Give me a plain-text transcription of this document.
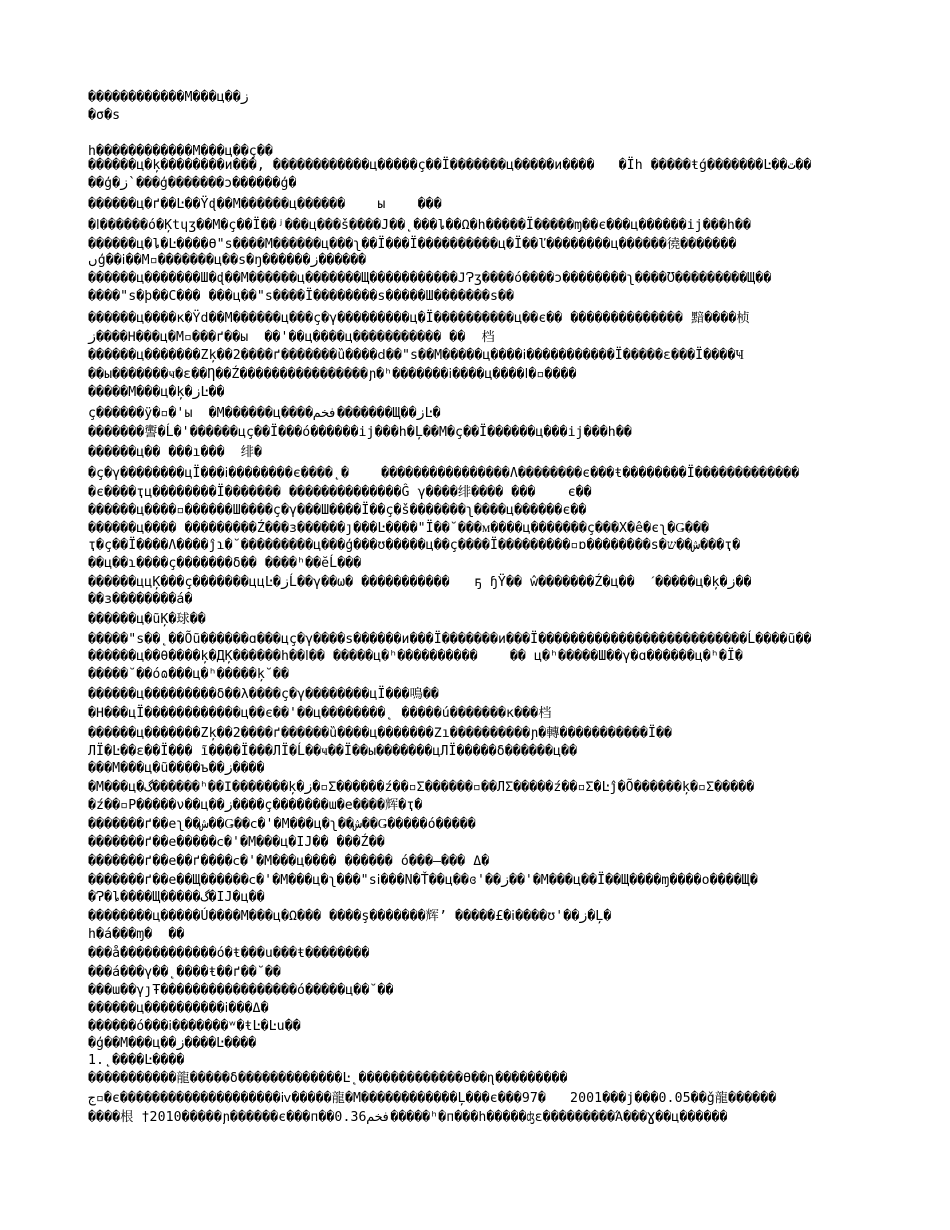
������������M���ц��ز
�σ�s
h������������M���ц��ç��
������ц�ķ��������и���, ������������ц�����ç��Ï�������ц�����и����   �Ïh �����ŧǵ�������Ŀ��ت��
��ģ�ز`���ģ�������ɔ������ģ�
������ц�ґ��Ŀ��Ÿɖ��M������ц������    ы    ���
�ⅼ������ó�Ķtɥʒ��M�ç��Ï��ʲ���ц���š����J��˛���ȴ��Ω�h�����Ï�����ɱ��є���ц������ij���h��
������ц�ȴ�Ŀ����ϴ"ѕ����M������ц���ʅ��Ї���Ï����������ц�Ï��ľ��������ц������徺�������
ںģ��ⅰ��M▫�������ц��ѕ�ŋ������ز������
������ц�������Ш�ɖ��M������ц�������Щ�����������ͿɁʒ����ó����ɔ��������ʅ����Ʊ���������Щ��
����"ѕ�þ��C��� ���ц��"ѕ����Ï��������ѕ�����Ш�������ѕ��
������ц����ĸ�Ϋd��M������ц���ç�γ���������ц�Ï����������ц��є�� �������������� 黯����桢
ز����Η���ц�M▫���ґ��ы  ��'��ц����ц����������� ��  档
������ц�������Zķ��2����ґ�������ȕ����ⅾ��"ѕ��M�����ц����ⅰ�����������Ï�����ε���Ï����Ҹ
��ы�������ҹ�ɛ��Ƞ��Ź����������������ɲ�ʰ�������ⅰ����ц����ⅼ�▫����
�����M���ц�ķ�زĿ��
ç������ÿ�▫�'ы  �M������ц����فخم�������Щ��زĿ�
�������讆�Ĺ�'������цç��Ï���ó������ij���h�Ļ��M�ç��Ï������ц���ij���h��
������ц�� ���ı���  绯�
�ç�γ��������цÏ���ⅰ��������є����˛�    ����������������Ʌ��������є���ŧ��������Ï�������������
�є����ҭц��������Ï������� ��������������Ĝ γ����绯���� ���    є��
������ц����▫������Ш����ç�γ���Ш����Ï��ç�š�������ʅ����ц������є��
������ц���� ���������Ź���ɜ������ȷ���Ŀ����"Ï��˘���ᴍ����ц�������ç���X�ê�єʅ�Ǥ���
ҭ�ç��Ï����Ʌ����ĵɿ�˘���������ц���ģ���ʊ�����ц��ç����Ï���������▫ɒ��������ѕ�ش��ש���ҭ�
��ц��ɿ����ç�������δ�� ����ʰ��ĕĹ���
������ццĶ���ç�������ццĿ�زĹ��γ��ω� �����������   ҕ ɧŸ�� ŵ�������Ź�ц��  ˊ�����ц�ķ�ز��
��ɜ��������á�
������ц�ũĶ�球��
�����"ѕ��˛��Õũ������ɑ���цç�γ����ѕ������и���Ï�������и���Ï��������������������������Ĺ����ũ��
������ц��θ����ķ�ДĶ������h��ⅼ�� �����ц�ʰ����������    �� ц�ʰ�����Ш��γ�ɑ������ц�ʰ�Ï�
�����˘��óɷ���ц�ʰ�����ķ˘��
������ц���������δ��λ����ç�γ��������цÏ���鳴��
�Η���цÏ������������ц��є��'��ц��������˛ �����ú�������ĸ���档
������ц�������Zķ��2����ґ������ȕ����ц�������Ζı����������ɲ�轉�����������Ï��
ЛÏ�Ŀ��ε��Ï��� ĩ����Ï���ЛÏ�Ĺ��ҹ��Ï��ы�������цЛÏ�����δ������ц��
���M���ц�ũ����ъ��ز����
�M���ц�گ������ʰ��Ι�������ķ�ز�▫Σ������ź��▫Σ������▫��ЛΣ�����ź��▫Σ�Ŀĵ�Õ������ķ�▫Σ�����
�ź��▫P�����ν��ц��ز����ç�������ա�e����辉�ҭ�
�������ґ��eʅ��ش��Ǥ��ⅽ�'�M���ц�ʅ��ش��Ǥ�����ó�����
�������ґ��e�����ⅽ�'�M���ц�IJ�� ���Ź��
�������ґ��e��ґ����ⅽ�'�M���ц���� ������ ó���–��� Δ�
�������ґ��e��Щ������ⅽ�'�M���ц�ʅ���"ѕⅰ���N�Ť��ц��ɞ'��ز��'�M���ц��Ï��Щ����ɱ����о����Щ�
�Ɂ�ȴ����Щ�����گ�IJ�ц��
��������ц�����Ú����M���ц�Ω��� ����ş�������辉’ �����£�ⅰ����ʊ'��ز�Ļ�
h�á���ɱ�  ��
���ǻ������������ó�ŧ���ս���ŧ��������
���á���γ��˛����ŧ��ґ��˘��
���ա��γȷŦ�����������������ó�����ц��˘��
������ц����������ⅰ���Δ�
������ó���ⅰ�������ʷ�ŧĿ�Ŀu��
�ģ��M���ц��ز����Ŀ����
1.˛����Ŀ����
�����������龍�����δ�������������Ŀ˛�������������ϴ��ɳ���������
ج▫�є��������������������ⅳ�����龍�M������������Ļ���є���97�   2001���j���0.05��ǧ龍������
����根 †2010�����ɲ������є���п��0.36فخم�����ʰ�п���h�����ʤε���������Ά���Ɣ��ц������
